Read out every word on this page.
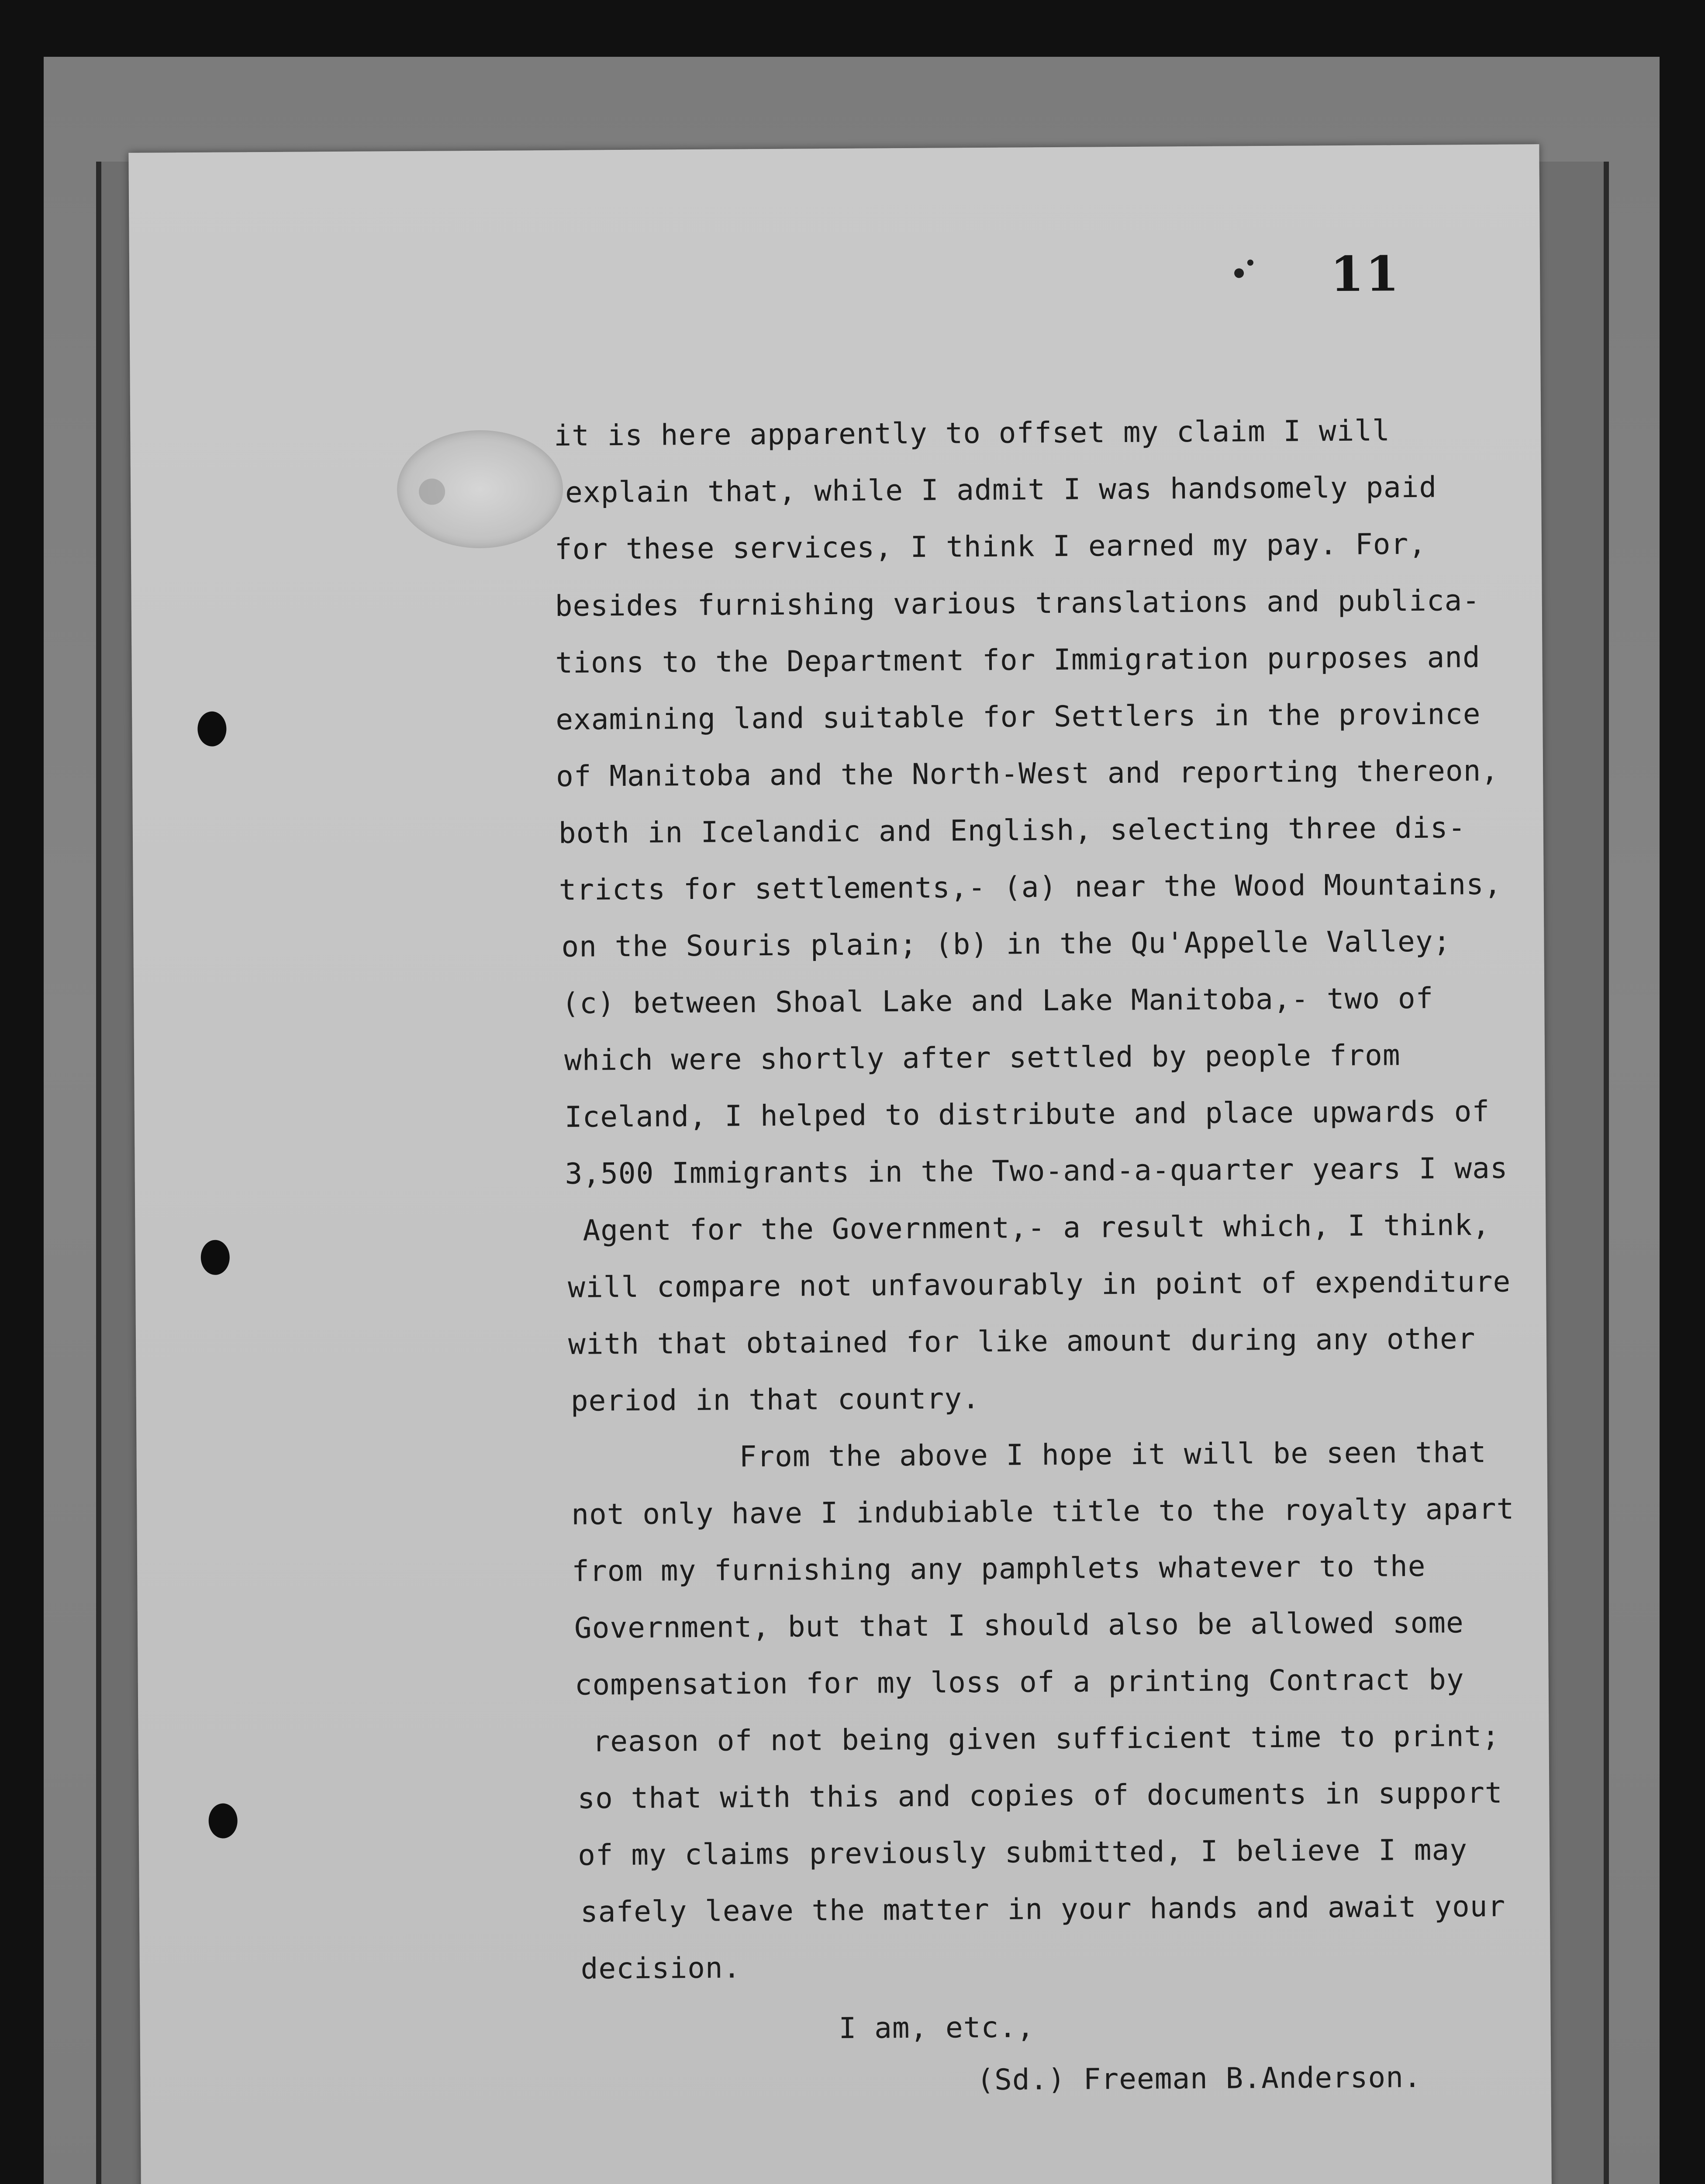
11
it is here apparently to offset my claim I will
explain that, while I admit I was handsomely paid
for these services, I think I earned my pay. For,
besides furnishing various translations and publica-
tions to the Department for Immigration purposes and
examining land suitable for Settlers in the province
of Manitoba and the North-West and reporting thereon,
both in Icelandic and English, selecting three dis-
tricts for settlements,- (a) near the Wood Mountains,
on the Souris plain; (b) in the Qu'Appelle Valley;
(c) between Shoal Lake and Lake Manitoba,- two of
which were shortly after settled by people from
Iceland, I helped to distribute and place upwards of
3,500 Immigrants in the Two-and-a-quarter years I was
Agent for the Government,- a result which, I think,
will compare not unfavourably in point of expenditure
with that obtained for like amount during any other
period in that country.
From the above I hope it will be seen that
not only have I indubiable title to the royalty apart
from my furnishing any pamphlets whatever to the
Government, but that I should also be allowed some
compensation for my loss of a printing Contract by
reason of not being given sufficient time to print;
so that with this and copies of documents in support
of my claims previously submitted, I believe I may
safely leave the matter in your hands and await your
decision.
I am, etc.,
(Sd.) Freeman B.Anderson.
